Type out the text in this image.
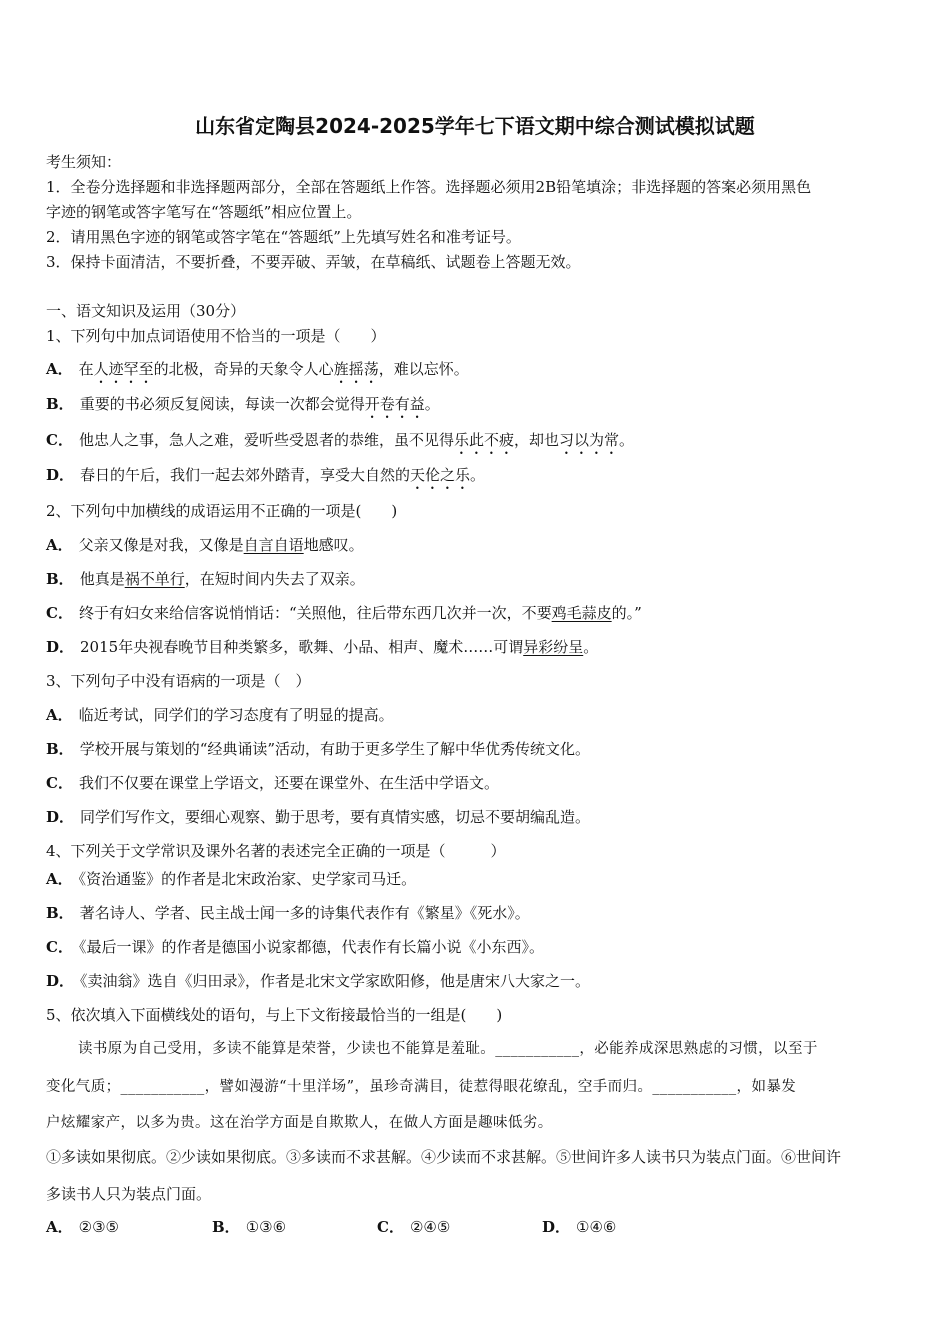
山东省定陶县2024-2025学年七下语文期中综合测试模拟试题
考生须知：
1．全卷分选择题和非选择题两部分，全部在答题纸上作答。选择题必须用2B铅笔填涂；非选择题的答案必须用黑色
字迹的钢笔或答字笔写在“答题纸”相应位置上。
2．请用黑色字迹的钢笔或答字笔在“答题纸”上先填写姓名和准考证号。
3．保持卡面清洁，不要折叠，不要弄破、弄皱，在草稿纸、试题卷上答题无效。
一、语文知识及运用（30分）
1、下列句中加点词语使用不恰当的一项是（　　）
A． 在人迹罕至的北极，奇异的天象令人心旌摇荡，难以忘怀。
B． 重要的书必须反复阅读，每读一次都会觉得开卷有益。
C． 他忠人之事，急人之难，爱听些受恩者的恭维，虽不见得乐此不疲，却也习以为常。
D． 春日的午后，我们一起去郊外踏青，享受大自然的天伦之乐。
2、下列句中加横线的成语运用不正确的一项是(　　)
A． 父亲又像是对我，又像是自言自语地感叹。
B． 他真是祸不单行，在短时间内失去了双亲。
C． 终于有妇女来给信客说悄悄话：“关照他，往后带东西几次并一次，不要鸡毛蒜皮的。”
D． 2015年央视春晚节目种类繁多，歌舞、小品、相声、魔术……可谓异彩纷呈。
3、下列句子中没有语病的一项是（　）
A． 临近考试，同学们的学习态度有了明显的提高。
B． 学校开展与策划的“经典诵读”活动，有助于更多学生了解中华优秀传统文化。
C． 我们不仅要在课堂上学语文，还要在课堂外、在生活中学语文。
D． 同学们写作文，要细心观察、勤于思考，要有真情实感，切忌不要胡编乱造。
4、下列关于文学常识及课外名著的表述完全正确的一项是（　　　）
A． 《资治通鉴》的作者是北宋政治家、史学家司马迁。
B． 著名诗人、学者、民主战士闻一多的诗集代表作有《繁星》《死水》。
C． 《最后一课》的作者是德国小说家都德，代表作有长篇小说《小东西》。
D． 《卖油翁》选自《归田录》，作者是北宋文学家欧阳修，他是唐宋八大家之一。
5、依次填入下面横线处的语句，与上下文衔接最恰当的一组是(　　)
读书原为自己受用，多读不能算是荣誉，少读也不能算是羞耻。___________，必能养成深思熟虑的习惯，以至于
变化气质；___________，譬如漫游“十里洋场”，虽珍奇满目，徒惹得眼花缭乱，空手而归。___________，如暴发
户炫耀家产，以多为贵。这在治学方面是自欺欺人，在做人方面是趣味低劣。
①多读如果彻底。②少读如果彻底。③多读而不求甚解。④少读而不求甚解。⑤世间许多人读书只为装点门面。⑥世间许
多读书人只为装点门面。
A． ②③⑤	B． ①③⑥	C． ②④⑤	D． ①④⑥
